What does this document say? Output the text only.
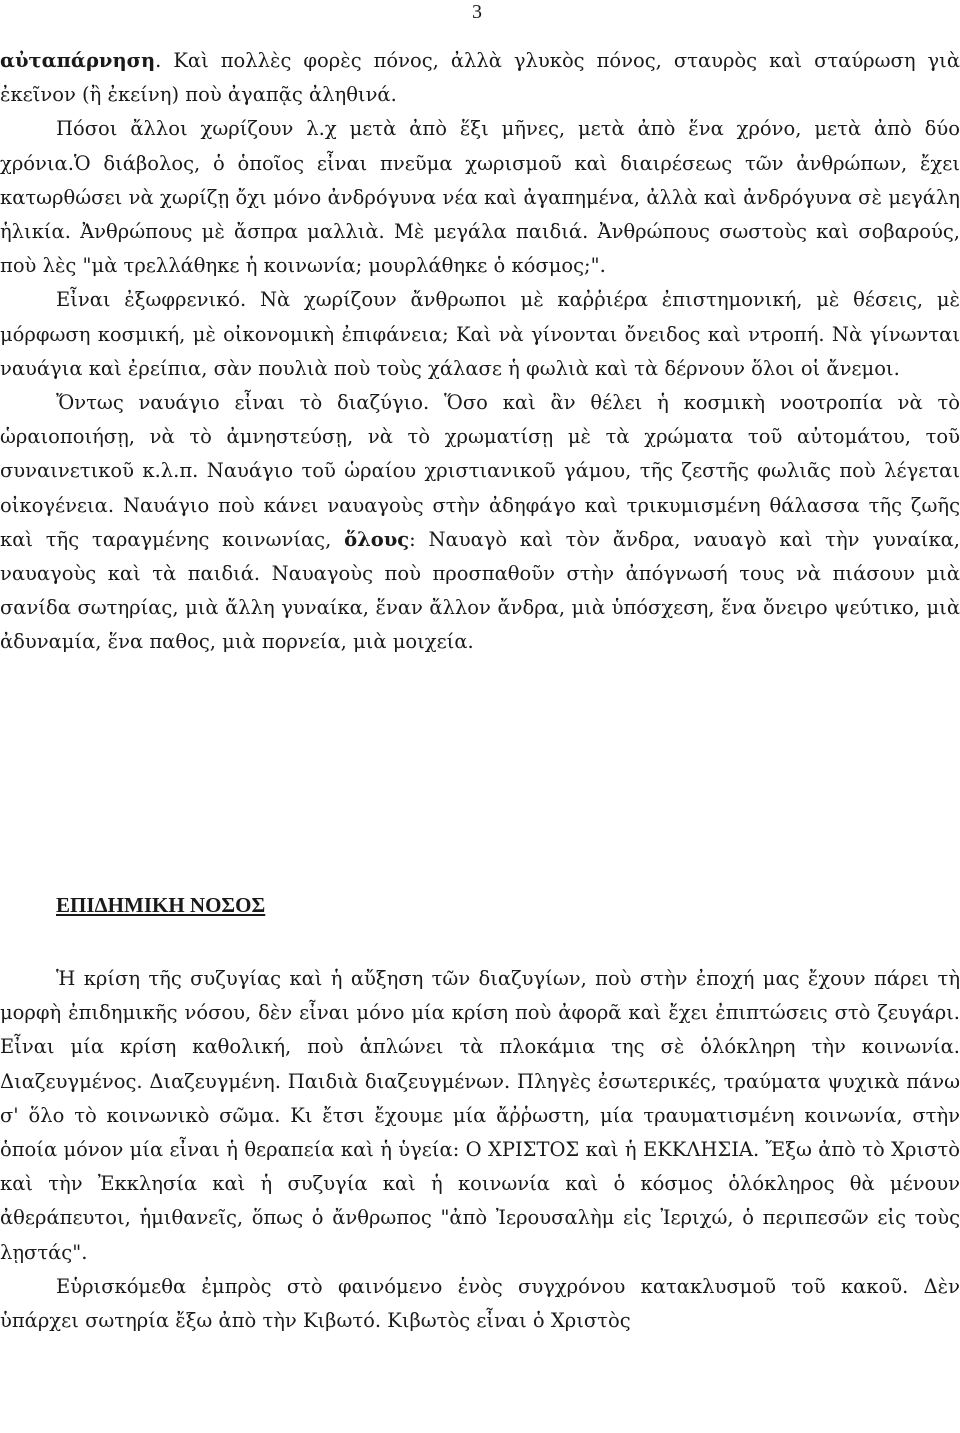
3

αὐταπάρνηση. Καὶ πολλὲς φορὲς πόνος, ἀλλὰ γλυκὸς πόνος, σταυρὸς καὶ σταύρωση γιὰ ἐκεῖνον (ἢ ἐκείνη) ποὺ ἀγαπᾷς ἀληθινά.

Πόσοι ἄλλοι χωρίζουν λ.χ μετὰ ἀπὸ ἕξι μῆνες, μετὰ ἀπὸ ἕνα χρόνο, μετὰ ἀπὸ δύο χρόνια.Ὁ διάβολος, ὁ ὁποῖος εἶναι πνεῦμα χωρισμοῦ καὶ διαιρέσεως τῶν ἀνθρώπων, ἔχει κατωρθώσει νὰ χωρίζῃ ὄχι μόνο ἀνδρόγυνα νέα καὶ ἀγαπημένα, ἀλλὰ καὶ ἀνδρόγυνα σὲ μεγάλη ἡλικία. Ἀνθρώπους μὲ ἄσπρα μαλλιὰ. Μὲ μεγάλα παιδιά. Ἀνθρώπους σωστοὺς καὶ σοβαρούς, ποὺ λὲς "μὰ τρελλάθηκε ἡ κοινωνία; μουρλάθηκε ὁ κόσμος;".

Εἶναι ἐξωφρενικό. Νὰ χωρίζουν ἄνθρωποι μὲ καῤῥιέρα ἐπιστημονική, μὲ θέσεις, μὲ μόρφωση κοσμική, μὲ οἰκονομικὴ ἐπιφάνεια; Καὶ νὰ γίνονται ὄνειδος καὶ ντροπή. Νὰ γίνωνται ναυάγια καὶ ἐρείπια, σὰν πουλιὰ ποὺ τοὺς χάλασε ἡ φωλιὰ καὶ τὰ δέρνουν ὅλοι οἱ ἄνεμοι.

Ὄντως ναυάγιο εἶναι τὸ διαζύγιο. Ὅσο καὶ ἂν θέλει ἡ κοσμικὴ νοοτροπία νὰ τὸ ὡραιοποιήσῃ, νὰ τὸ ἀμνηστεύσῃ, νὰ τὸ χρωματίσῃ μὲ τὰ χρώματα τοῦ αὐτομάτου, τοῦ συναινετικοῦ κ.λ.π. Ναυάγιο τοῦ ὡραίου χριστιανικοῦ γάμου, τῆς ζεστῆς φωλιᾶς ποὺ λέγεται οἰκογένεια. Ναυάγιο ποὺ κάνει ναυαγοὺς στὴν ἀδηφάγο καὶ τρικυμισμένη θάλασσα τῆς ζωῆς καὶ τῆς ταραγμένης κοινωνίας, ὅλους: Ναυαγὸ καὶ τὸν ἄνδρα, ναυαγὸ καὶ τὴν γυναίκα, ναυαγοὺς καὶ τὰ παιδιά. Ναυαγοὺς ποὺ προσπαθοῦν στὴν ἀπόγνωσή τους νὰ πιάσουν μιὰ σανίδα σωτηρίας, μιὰ ἄλλη γυναίκα, ἕναν ἄλλον ἄνδρα, μιὰ ὑπόσχεση, ἕνα ὄνειρο ψεύτικο, μιὰ ἀδυναμία, ἕνα παθος, μιὰ πορνεία, μιὰ μοιχεία.

ΕΠΙΔΗΜΙΚΗ ΝΟΣΟΣ

Ἡ κρίση τῆς συζυγίας καὶ ἡ αὔξηση τῶν διαζυγίων, ποὺ στὴν ἐποχή μας ἔχουν πάρει τὴ μορφὴ ἐπιδημικῆς νόσου, δὲν εἶναι μόνο μία κρίση ποὺ ἀφορᾶ καὶ ἔχει ἐπιπτώσεις στὸ ζευγάρι. Εἶναι μία κρίση καθολική, ποὺ ἁπλώνει τὰ πλοκάμια της σὲ ὁλόκληρη τὴν κοινωνία. Διαζευγμένος. Διαζευγμένη. Παιδιὰ διαζευγμένων. Πληγὲς ἐσωτερικές, τραύματα ψυχικὰ πάνω σ' ὅλο τὸ κοινωνικὸ σῶμα. Κι ἔτσι ἔχουμε μία ἄῤῥωστη, μία τραυματισμένη κοινωνία, στὴν ὁποία μόνον μία εἶναι ἡ θεραπεία καὶ ἡ ὑγεία: Ο ΧΡΙΣΤΟΣ καὶ ἡ ΕΚΚΛΗΣΙΑ. Ἔξω ἀπὸ τὸ Χριστὸ καὶ τὴν Ἐκκλησία καὶ ἡ συζυγία καὶ ἡ κοινωνία καὶ ὁ κόσμος ὁλόκληρος θὰ μένουν ἀθεράπευτοι, ἡμιθανεῖς, ὅπως ὁ ἄνθρωπος "ἀπὸ Ἰερουσαλὴμ εἰς Ἰεριχώ, ὁ περιπεσῶν εἰς τοὺς λῃστάς".

Εὑρισκόμεθα ἐμπρὸς στὸ φαινόμενο ἑνὸς συγχρόνου κατακλυσμοῦ τοῦ κακοῦ. Δὲν ὑπάρχει σωτηρία ἔξω ἀπὸ τὴν Κιβωτό. Κιβωτὸς εἶναι ὁ Χριστὸς
